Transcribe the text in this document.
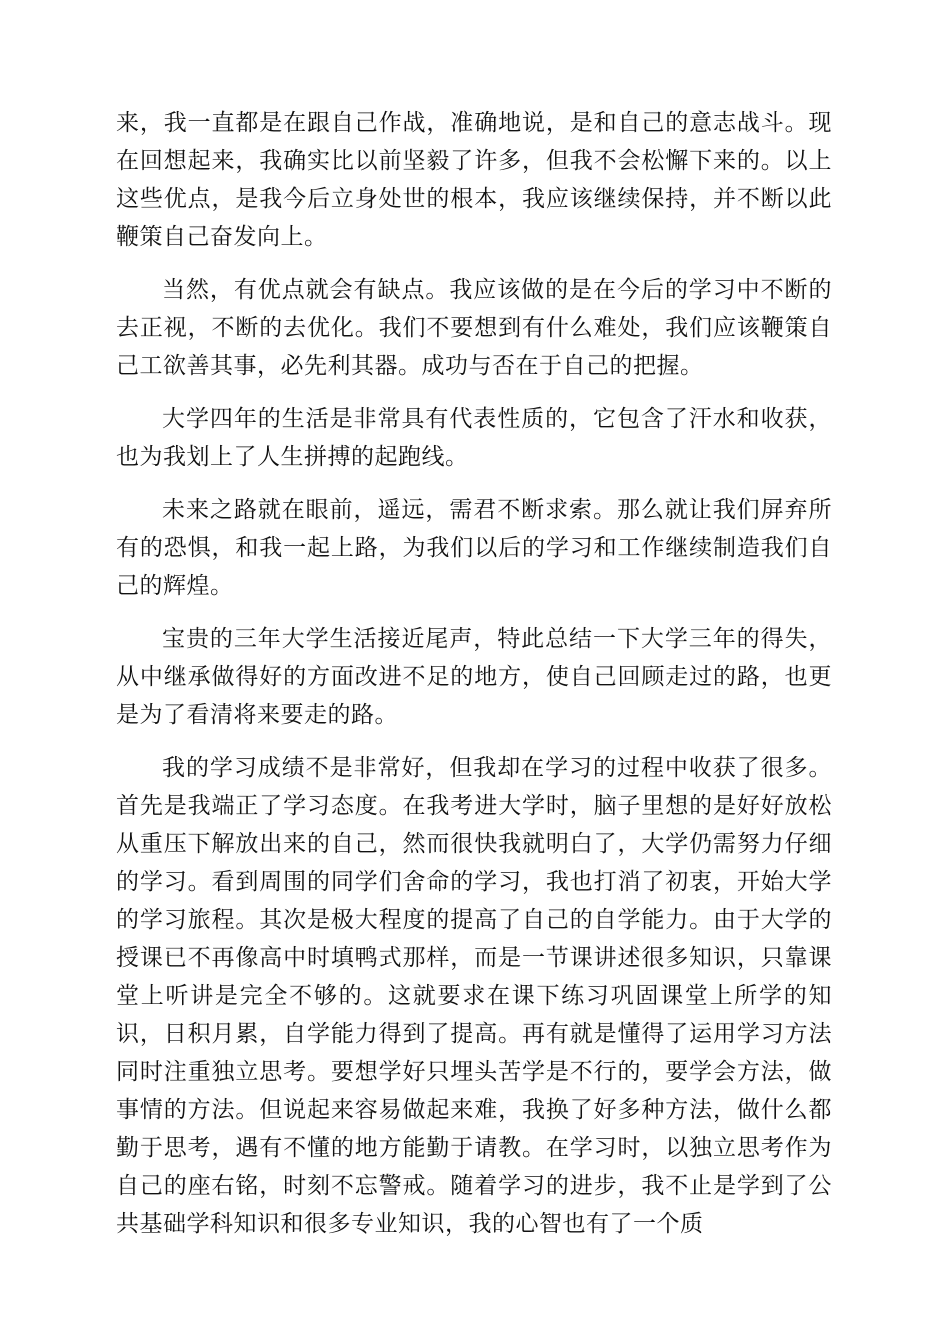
来，我一直都是在跟自己作战，准确地说，是和自己的意志战斗。现在回想起来，我确实比以前坚毅了许多，但我不会松懈下来的。以上这些优点，是我今后立身处世的根本，我应该继续保持，并不断以此鞭策自己奋发向上。

当然，有优点就会有缺点。我应该做的是在今后的学习中不断的去正视，不断的去优化。我们不要想到有什么难处，我们应该鞭策自己工欲善其事，必先利其器。成功与否在于自己的把握。

大学四年的生活是非常具有代表性质的，它包含了汗水和收获，也为我划上了人生拼搏的起跑线。

未来之路就在眼前，遥远，需君不断求索。那么就让我们屏弃所有的恐惧，和我一起上路，为我们以后的学习和工作继续制造我们自己的辉煌。

宝贵的三年大学生活接近尾声，特此总结一下大学三年的得失，从中继承做得好的方面改进不足的地方，使自己回顾走过的路，也更是为了看清将来要走的路。

我的学习成绩不是非常好，但我却在学习的过程中收获了很多。首先是我端正了学习态度。在我考进大学时，脑子里想的是好好放松从重压下解放出来的自己，然而很快我就明白了，大学仍需努力仔细的学习。看到周围的同学们舍命的学习，我也打消了初衷，开始大学的学习旅程。其次是极大程度的提高了自己的自学能力。由于大学的授课已不再像高中时填鸭式那样，而是一节课讲述很多知识，只靠课堂上听讲是完全不够的。这就要求在课下练习巩固课堂上所学的知识，日积月累，自学能力得到了提高。再有就是懂得了运用学习方法同时注重独立思考。要想学好只埋头苦学是不行的，要学会方法，做事情的方法。但说起来容易做起来难，我换了好多种方法，做什么都勤于思考，遇有不懂的地方能勤于请教。在学习时，以独立思考作为自己的座右铭，时刻不忘警戒。随着学习的进步，我不止是学到了公共基础学科知识和很多专业知识，我的心智也有了一个质
